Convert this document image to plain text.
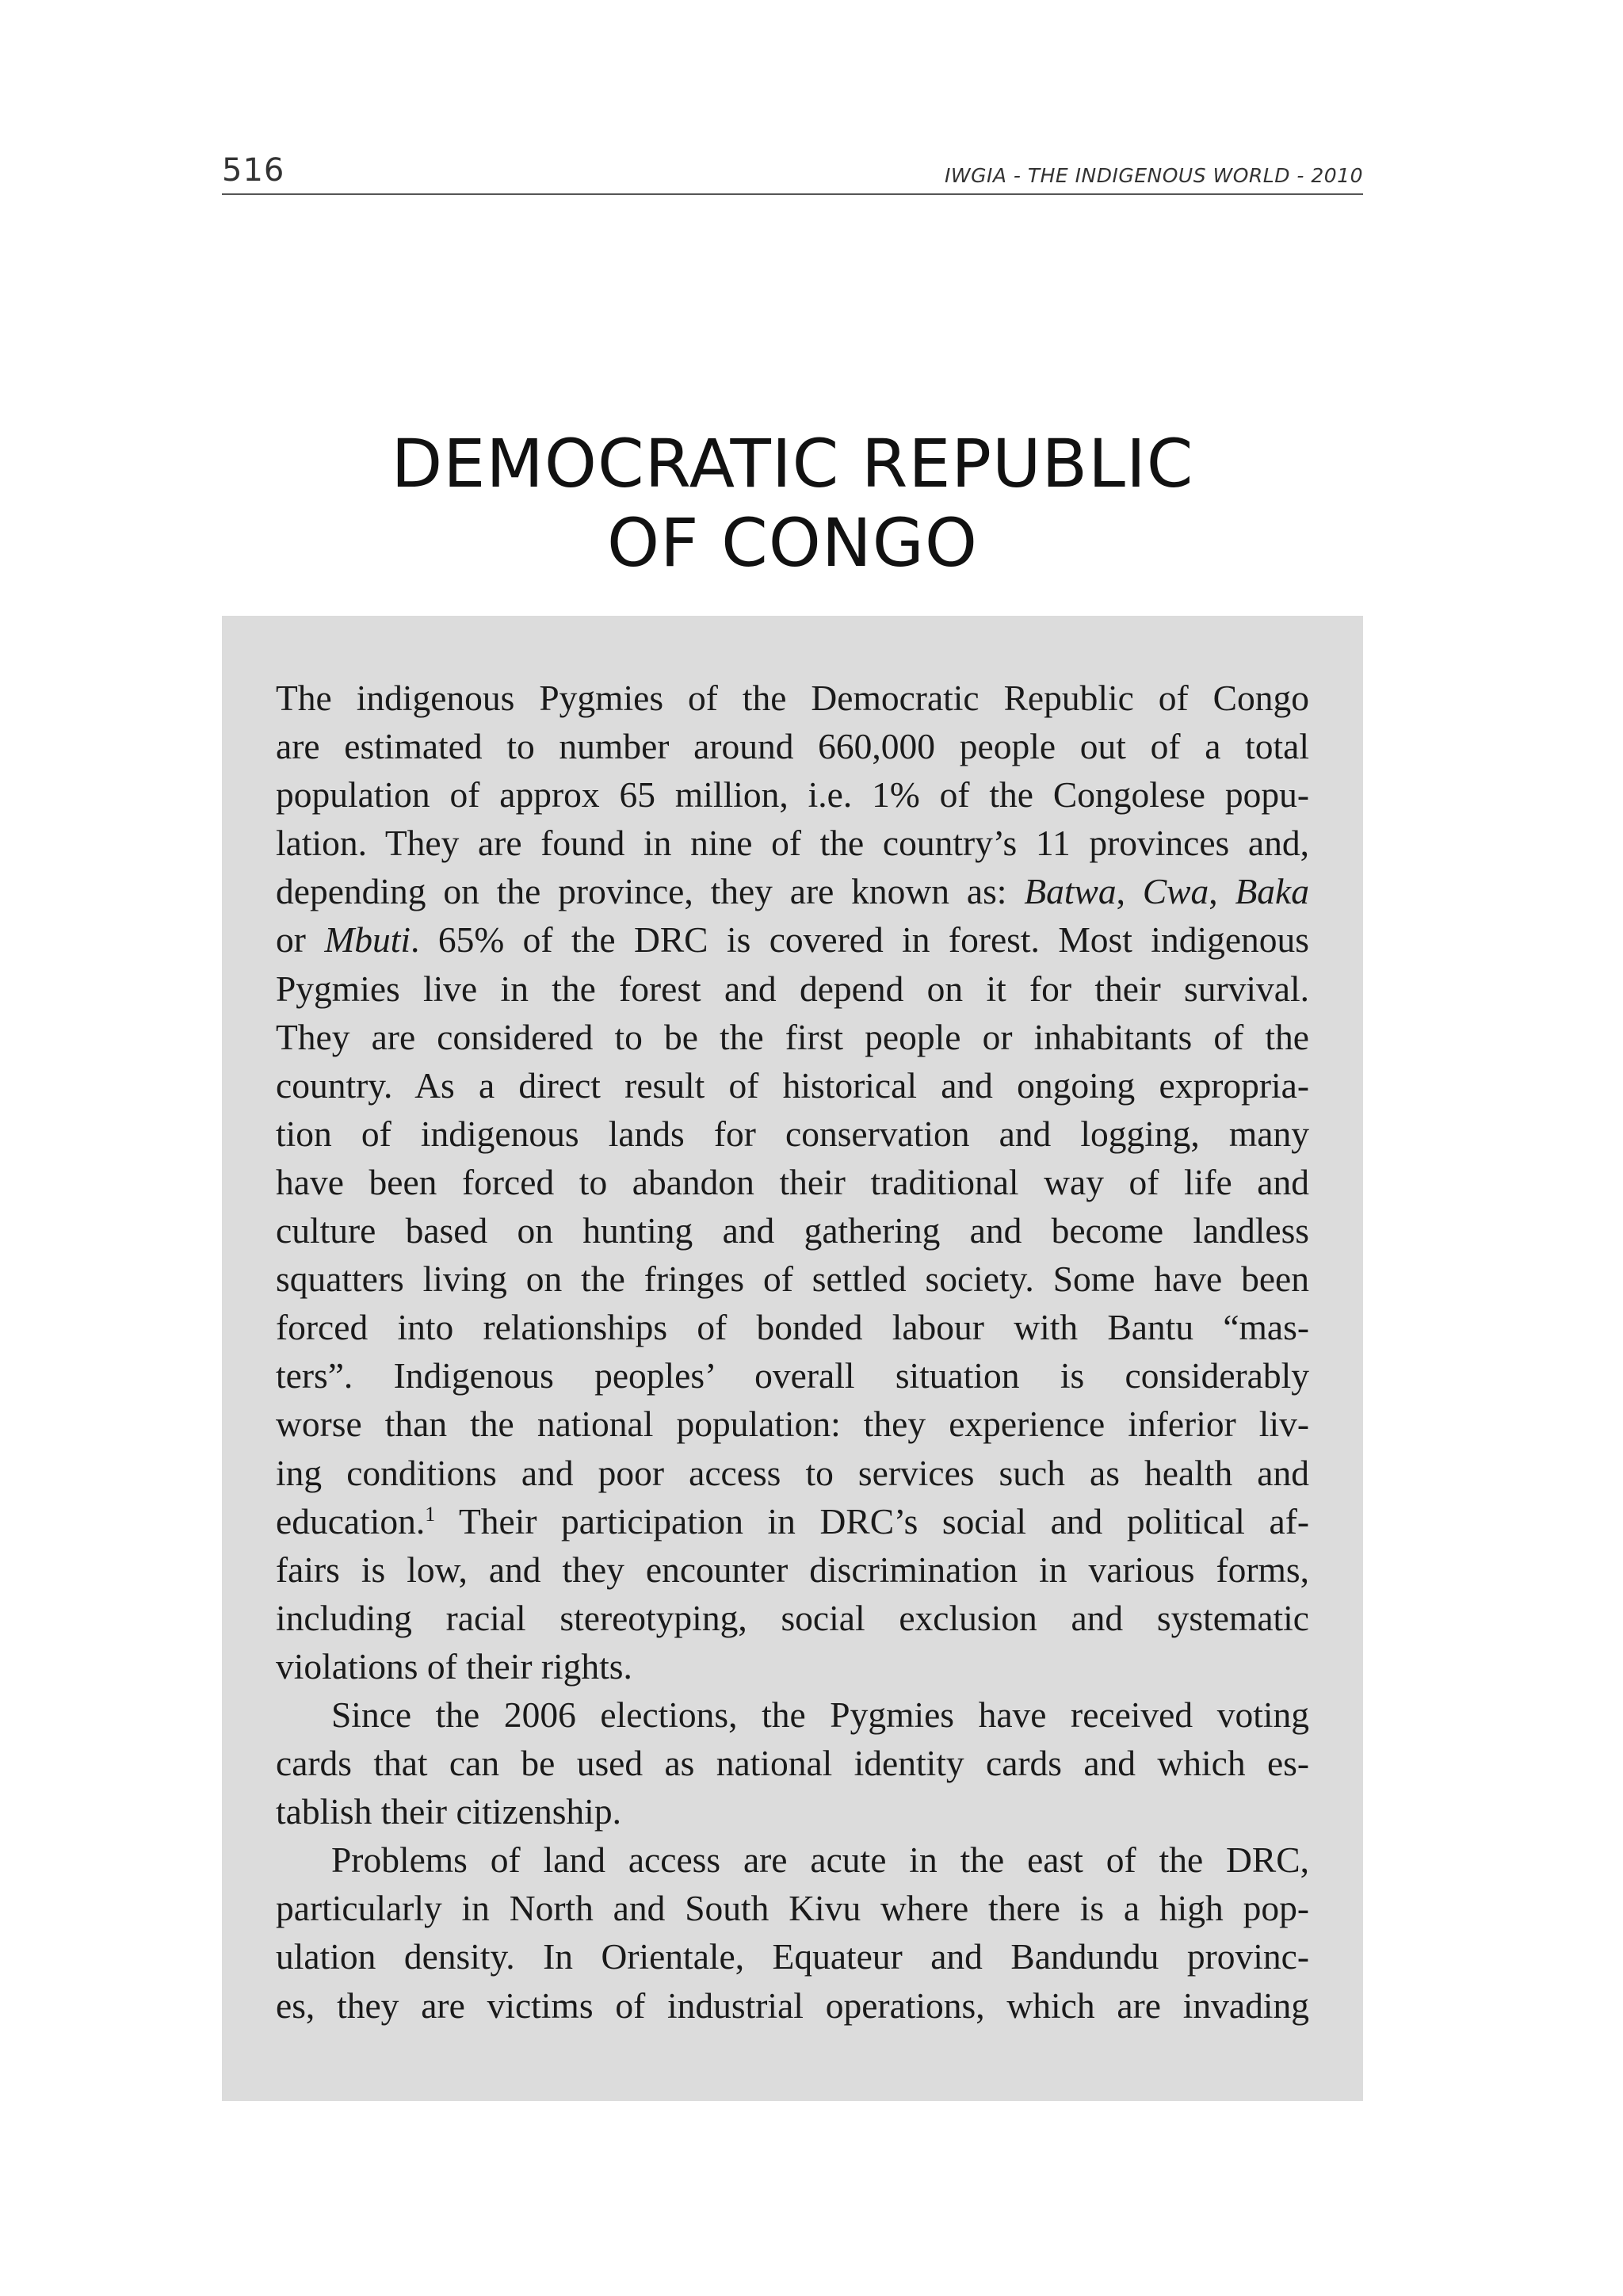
516	IWGIA - THE INDIGENOUS WORLD - 2010
DEMOCRATIC REPUBLIC
OF CONGO
The indigenous Pygmies of the Democratic Republic of Congo
are estimated to number around 660,000 people out of a total
population of approx 65 million, i.e. 1% of the Congolese popu-
lation. They are found in nine of the country’s 11 provinces and,
depending on the province, they are known as: Batwa, Cwa, Baka
or Mbuti. 65% of the DRC is covered in forest. Most indigenous
Pygmies live in the forest and depend on it for their survival.
They are considered to be the first people or inhabitants of the
country. As a direct result of historical and ongoing expropria-
tion of indigenous lands for conservation and logging, many
have been forced to abandon their traditional way of life and
culture based on hunting and gathering and become landless
squatters living on the fringes of settled society. Some have been
forced into relationships of bonded labour with Bantu “mas-
ters”. Indigenous peoples’ overall situation is considerably
worse than the national population: they experience inferior liv-
ing conditions and poor access to services such as health and
education.$^1$ Their participation in DRC’s social and political af-
fairs is low, and they encounter discrimination in various forms,
including racial stereotyping, social exclusion and systematic
violations of their rights.
Since the 2006 elections, the Pygmies have received voting
cards that can be used as national identity cards and which es-
tablish their citizenship.
Problems of land access are acute in the east of the DRC,
particularly in North and South Kivu where there is a high pop-
ulation density. In Orientale, Equateur and Bandundu provinc-
es, they are victims of industrial operations, which are invading
